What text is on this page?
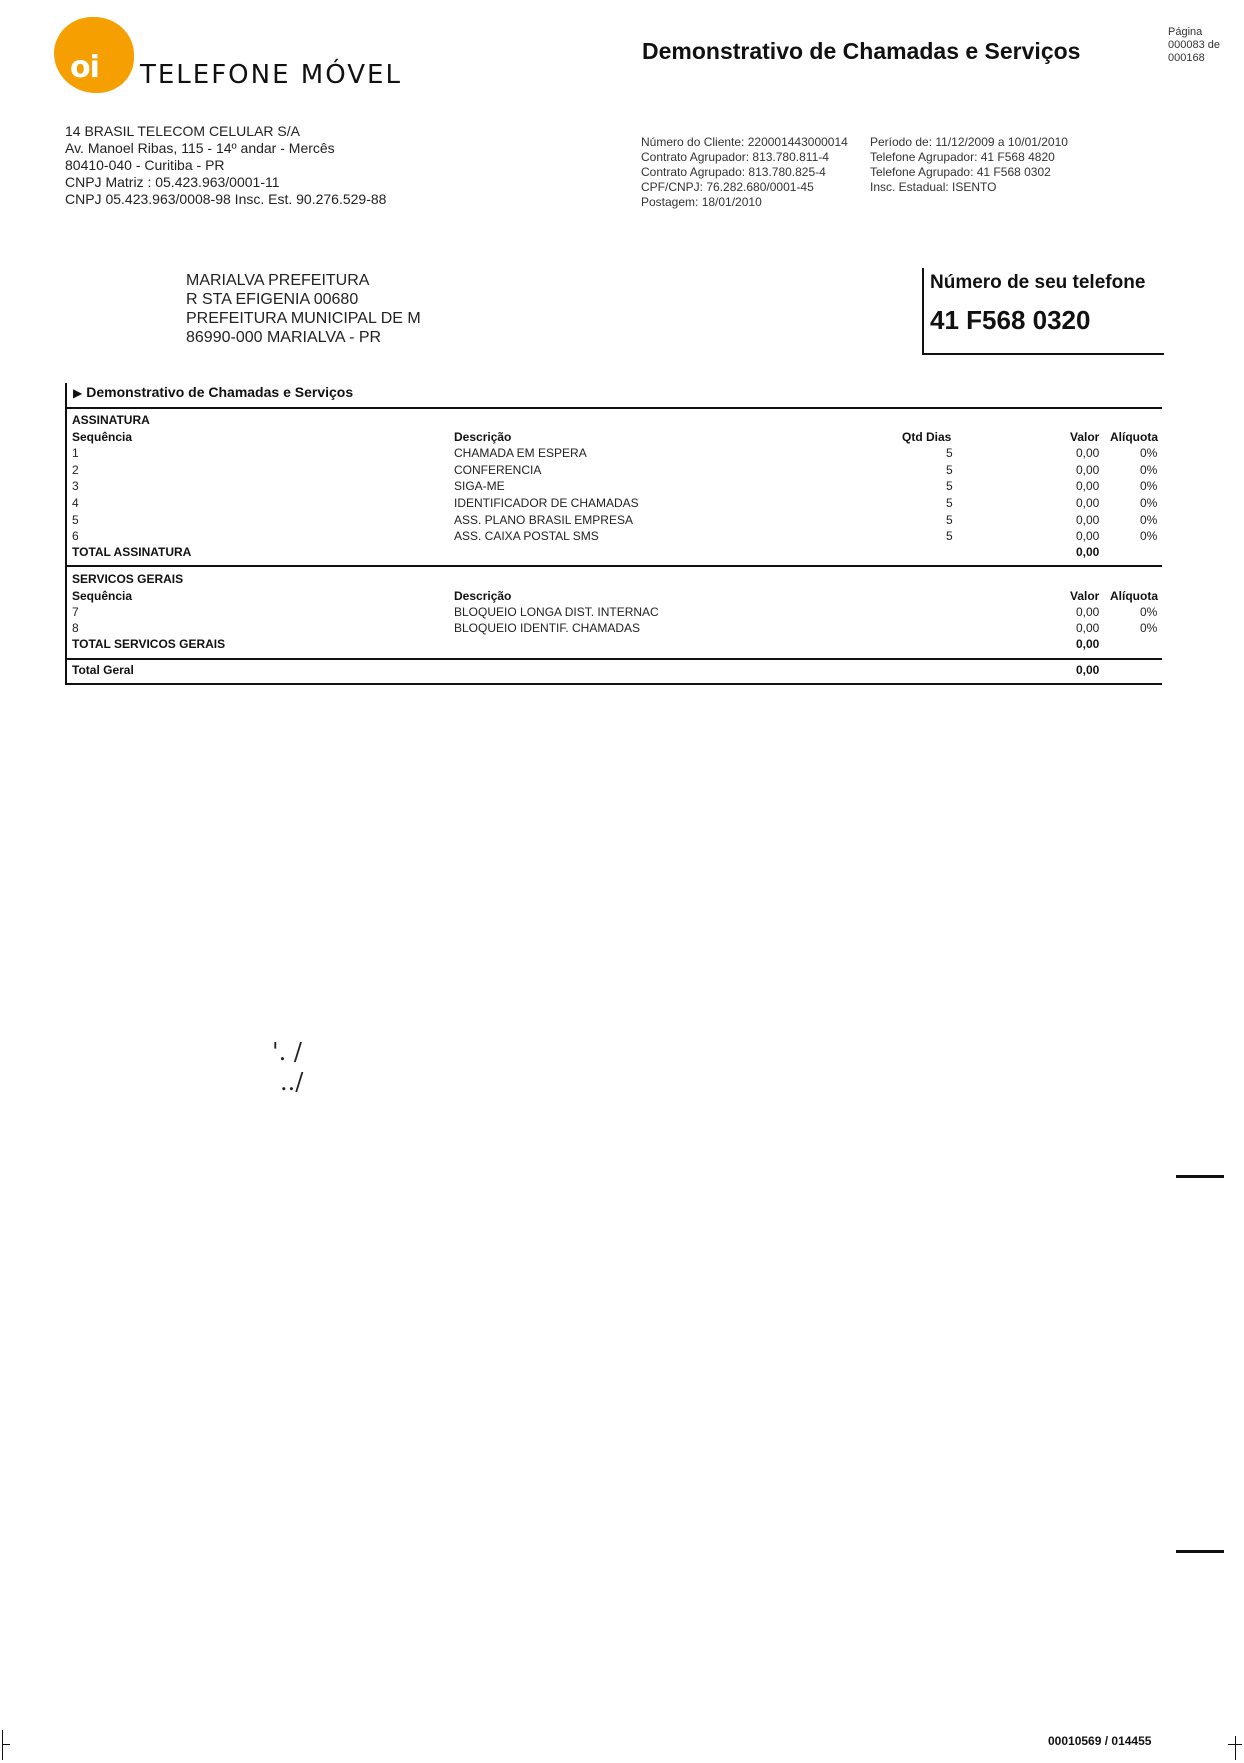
oi TELEFONE MÓVEL
Demonstrativo de Chamadas e Serviços
Página
000083 de
000168
14 BRASIL TELECOM CELULAR S/A
Av. Manoel Ribas, 115 - 14º andar - Mercês
80410-040 - Curitiba - PR
CNPJ Matriz : 05.423.963/0001-11
CNPJ 05.423.963/0008-98 Insc. Est. 90.276.529-88
Número do Cliente: 220001443000014
Contrato Agrupador: 813.780.811-4
Contrato Agrupado: 813.780.825-4
CPF/CNPJ: 76.282.680/0001-45
Postagem: 18/01/2010
Período de: 11/12/2009 a 10/01/2010
Telefone Agrupador: 41 F568 4820
Telefone Agrupado: 41 F568 0302
Insc. Estadual: ISENTO
MARIALVA PREFEITURA
R STA EFIGENIA 00680
PREFEITURA MUNICIPAL DE M
86990-000 MARIALVA - PR
Número de seu telefone
41 F568 0320
▶ Demonstrativo de Chamadas e Serviços
ASSINATURA
Sequência	Descrição	Qtd Dias	Valor Alíquota
1	CHAMADA EM ESPERA	5	0,00	0%
2	CONFERENCIA	5	0,00	0%
3	SIGA-ME	5	0,00	0%
4	IDENTIFICADOR DE CHAMADAS	5	0,00	0%
5	ASS. PLANO BRASIL EMPRESA	5	0,00	0%
6	ASS. CAIXA POSTAL SMS	5	0,00	0%
TOTAL ASSINATURA	0,00
SERVICOS GERAIS
Sequência	Descrição	Valor Alíquota
7	BLOQUEIO LONGA DIST. INTERNAC	0,00	0%
8	BLOQUEIO IDENTIF. CHAMADAS	0,00	0%
TOTAL SERVICOS GERAIS	0,00
Total Geral	0,00
'. /
../
00010569 / 014455
